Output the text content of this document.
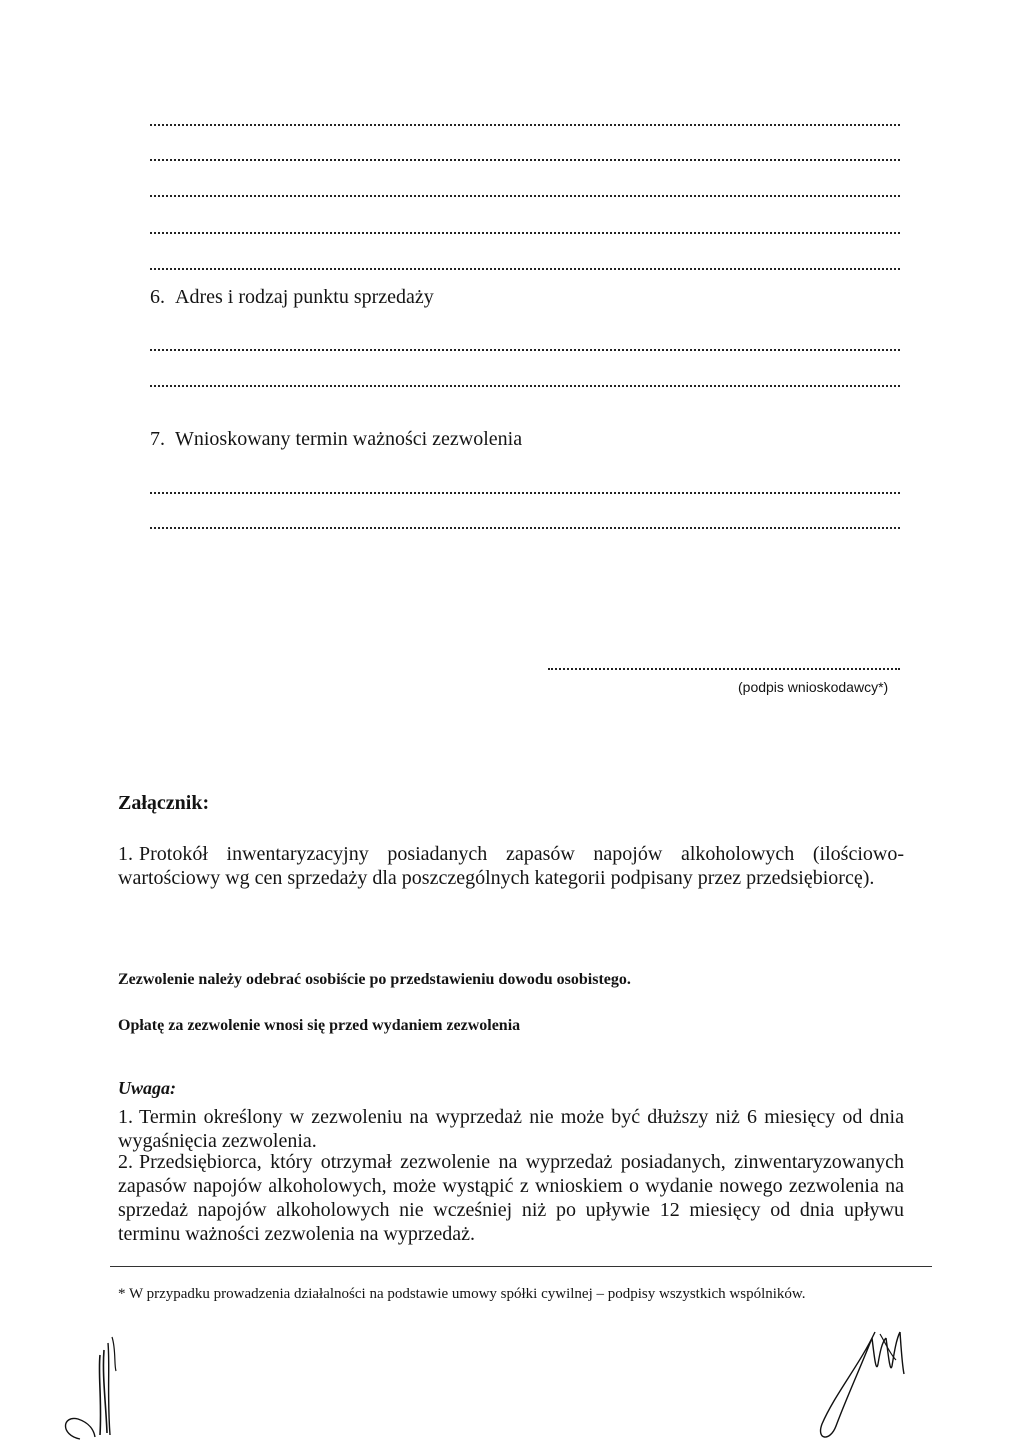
6. Adres i rodzaj punktu sprzedaży
7. Wnioskowany termin ważności zezwolenia
(podpis wnioskodawcy*)
Załącznik:
1. Protokół inwentaryzacyjny posiadanych zapasów napojów alkoholowych (ilościowo-wartościowy wg cen sprzedaży dla poszczególnych kategorii podpisany przez przedsiębiorcę).
Zezwolenie należy odebrać osobiście po przedstawieniu dowodu osobistego.
Opłatę za zezwolenie wnosi się przed wydaniem zezwolenia
Uwaga:
1. Termin określony w zezwoleniu na wyprzedaż nie może być dłuższy niż 6 miesięcy od dnia wygaśnięcia zezwolenia.
2. Przedsiębiorca, który otrzymał zezwolenie na wyprzedaż posiadanych, zinwentaryzowanych zapasów napojów alkoholowych, może wystąpić z wnioskiem o wydanie nowego zezwolenia na sprzedaż napojów alkoholowych nie wcześniej niż po upływie 12 miesięcy od dnia upływu terminu ważności zezwolenia na wyprzedaż.
* W przypadku prowadzenia działalności na podstawie umowy spółki cywilnej – podpisy wszystkich wspólników.
